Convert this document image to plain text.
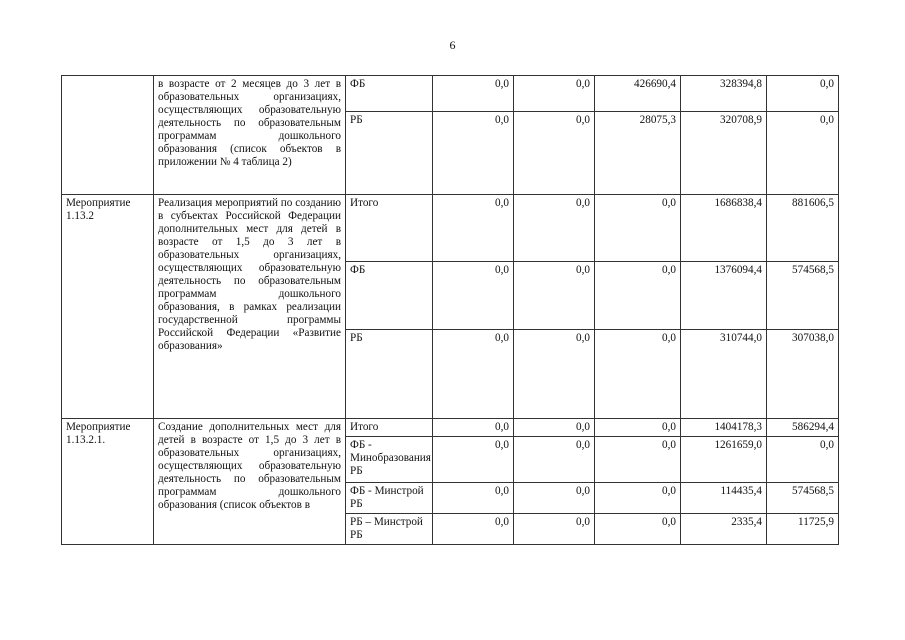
6

	в возрасте от 2 месяцев до 3 лет в образовательных организациях, осуществляющих образовательную деятельность по образовательным программам дошкольного образования (список объектов в приложении № 4 таблица 2)	ФБ	0,0	0,0	426690,4	328394,8	0,0
		РБ	0,0	0,0	28075,3	320708,9	0,0
Мероприятие 1.13.2	Реализация мероприятий по созданию в субъектах Российской Федерации дополнительных мест для детей в возрасте от 1,5 до 3 лет в образовательных организациях, осуществляющих образовательную деятельность по образовательным программам дошкольного образования, в рамках реализации государственной программы Российской Федерации «Развитие образования»	Итого	0,0	0,0	0,0	1686838,4	881606,5
		ФБ	0,0	0,0	0,0	1376094,4	574568,5
		РБ	0,0	0,0	0,0	310744,0	307038,0
Мероприятие 1.13.2.1.	Создание дополнительных мест для детей в возрасте от 1,5 до 3 лет в образовательных организациях, осуществляющих образовательную деятельность по образовательным программам дошкольного образования (список объектов в	Итого	0,0	0,0	0,0	1404178,3	586294,4
		ФБ - Минобразования РБ	0,0	0,0	0,0	1261659,0	0,0
		ФБ - Минстрой РБ	0,0	0,0	0,0	114435,4	574568,5
		РБ – Минстрой РБ	0,0	0,0	0,0	2335,4	11725,9
